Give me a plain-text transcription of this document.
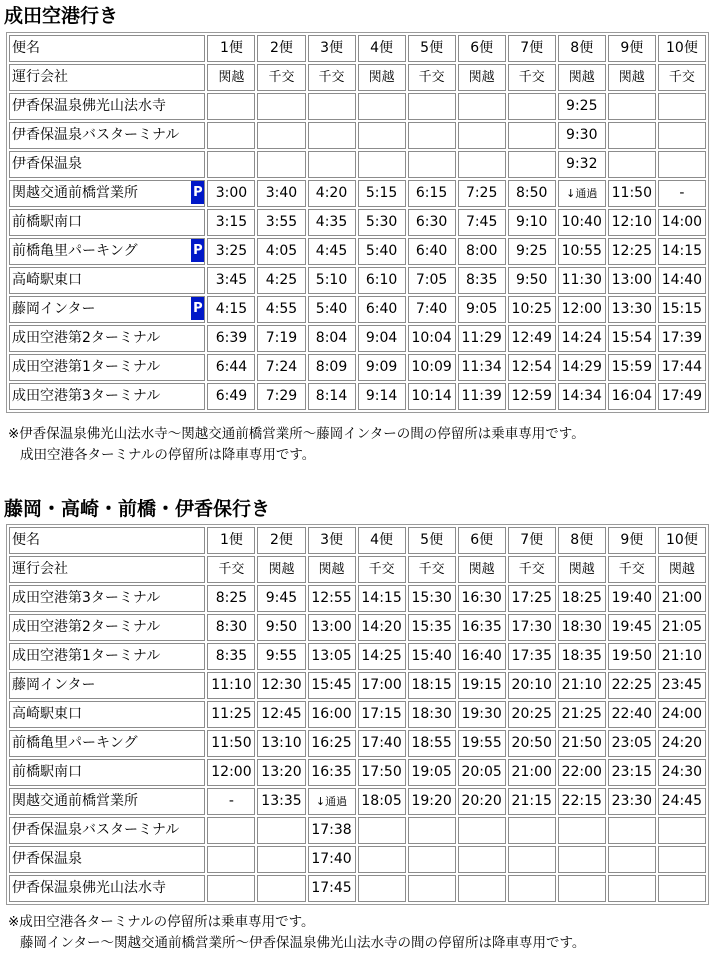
成田空港行き
便名	1便	2便	3便	4便	5便	6便	7便	8便	9便	10便
運行会社	関越	千交	千交	関越	千交	関越	千交	関越	関越	千交
伊香保温泉佛光山法水寺								9:25		
伊香保温泉バスターミナル								9:30		
伊香保温泉								9:32		

P
関越交通前橋営業所	3:00	3:40	4:20	5:15	6:15	7:25	8:50	↓通過	11:50	-
前橋駅南口	3:15	3:55	4:35	5:30	6:30	7:45	9:10	10:40	12:10	14:00

P
前橋亀里パーキング	3:25	4:05	4:45	5:40	6:40	8:00	9:25	10:55	12:25	14:15
高崎駅東口	3:45	4:25	5:10	6:10	7:05	8:35	9:50	11:30	13:00	14:40

P
藤岡インター	4:15	4:55	5:40	6:40	7:40	9:05	10:25	12:00	13:30	15:15
成田空港第2ターミナル	6:39	7:19	8:04	9:04	10:04	11:29	12:49	14:24	15:54	17:39
成田空港第1ターミナル	6:44	7:24	8:09	9:09	10:09	11:34	12:54	14:29	15:59	17:44
成田空港第3ターミナル	6:49	7:29	8:14	9:14	10:14	11:39	12:59	14:34	16:04	17:49

※伊香保温泉佛光山法水寺～関越交通前橋営業所～藤岡インターの間の停留所は乗車専用です。

成田空港各ターミナルの停留所は降車専用です。

藤岡・高崎・前橋・伊香保行き
便名	1便	2便	3便	4便	5便	6便	7便	8便	9便	10便
運行会社	千交	関越	関越	千交	千交	関越	千交	関越	千交	関越
成田空港第3ターミナル	8:25	9:45	12:55	14:15	15:30	16:30	17:25	18:25	19:40	21:00
成田空港第2ターミナル	8:30	9:50	13:00	14:20	15:35	16:35	17:30	18:30	19:45	21:05
成田空港第1ターミナル	8:35	9:55	13:05	14:25	15:40	16:40	17:35	18:35	19:50	21:10
藤岡インター	11:10	12:30	15:45	17:00	18:15	19:15	20:10	21:10	22:25	23:45
高崎駅東口	11:25	12:45	16:00	17:15	18:30	19:30	20:25	21:25	22:40	24:00
前橋亀里パーキング	11:50	13:10	16:25	17:40	18:55	19:55	20:50	21:50	23:05	24:20
前橋駅南口	12:00	13:20	16:35	17:50	19:05	20:05	21:00	22:00	23:15	24:30
関越交通前橋営業所	-	13:35	↓通過	18:05	19:20	20:20	21:15	22:15	23:30	24:45
伊香保温泉バスターミナル			17:38							
伊香保温泉			17:40							
伊香保温泉佛光山法水寺			17:45							

※成田空港各ターミナルの停留所は乗車専用です。

藤岡インター～関越交通前橋営業所～伊香保温泉佛光山法水寺の間の停留所は降車専用です。
